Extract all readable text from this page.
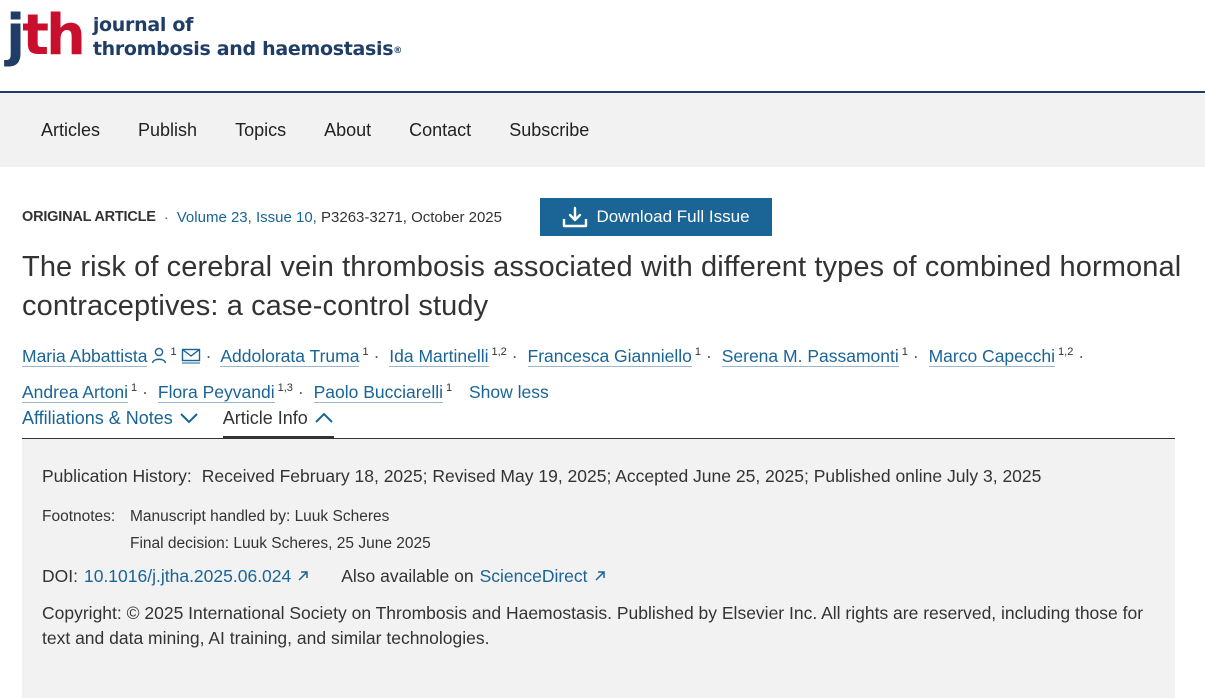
jth journal of
thrombosis and haemostasis®
Articles Publish Topics About Contact Subscribe
ORIGINAL ARTICLE · Volume 23, Issue 10,
P3263-3271, October 2025	Download Full Issue
The risk of cerebral vein thrombosis associated with different types of combined hormonal contraceptives: a case-control study
Maria Abbattista $^1$ · Addolorata Truma $^1$ · Ida Martinelli $^{1,2}$ · Francesca Gianniello $^1$ · Serena M. Passamonti $^1$ · Marco Capecchi $^{1,2}$ ·
Andrea Artoni $^1$ · Flora Peyvandi $^{1,3}$ · Paolo Bucciarelli $^1$ Show less
Affiliations & Notes	Article Info
Publication History: Received February 18, 2025; Revised May 19, 2025; Accepted June 25, 2025; Published online July 3, 2025
Footnotes: Manuscript handled by: Luuk Scheres
Final decision: Luuk Scheres, 25 June 2025
DOI: 10.1016/j.jtha.2025.06.024	Also available on ScienceDirect
Copyright: © 2025 International Society on Thrombosis and Haemostasis. Published by Elsevier Inc. All rights are reserved, including those for text and data mining, AI training, and similar technologies.
